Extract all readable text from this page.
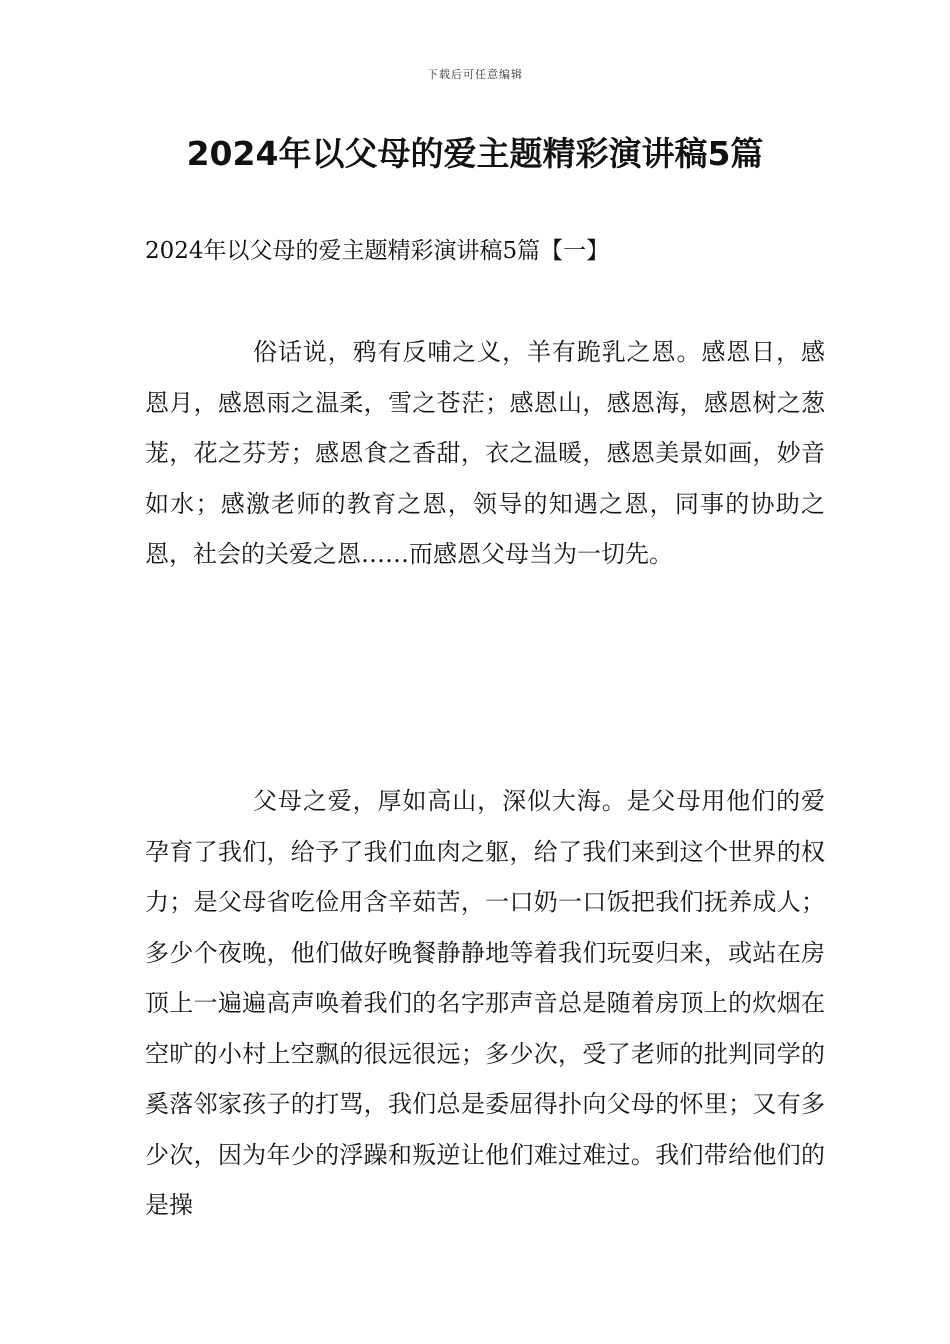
下载后可任意编辑
2024年以父母的爱主题精彩演讲稿5篇
2024年以父母的爱主题精彩演讲稿5篇【一】

俗话说，鸦有反哺之义，羊有跪乳之恩。感恩日，感恩月，感恩雨之温柔，雪之苍茫；感恩山，感恩海，感恩树之葱茏，花之芬芳；感恩食之香甜，衣之温暖，感恩美景如画，妙音如水；感激老师的教育之恩，领导的知遇之恩，同事的协助之恩，社会的关爱之恩……而感恩父母当为一切先。

父母之爱，厚如高山，深似大海。是父母用他们的爱孕育了我们，给予了我们血肉之躯，给了我们来到这个世界的权力；是父母省吃俭用含辛茹苦，一口奶一口饭把我们抚养成人；多少个夜晚，他们做好晚餐静静地等着我们玩耍归来，或站在房顶上一遍遍高声唤着我们的名字那声音总是随着房顶上的炊烟在空旷的小村上空飘的很远很远；多少次，受了老师的批判同学的奚落邻家孩子的打骂，我们总是委屈得扑向父母的怀里；又有多少次，因为年少的浮躁和叛逆让他们难过难过。我们带给他们的是操
